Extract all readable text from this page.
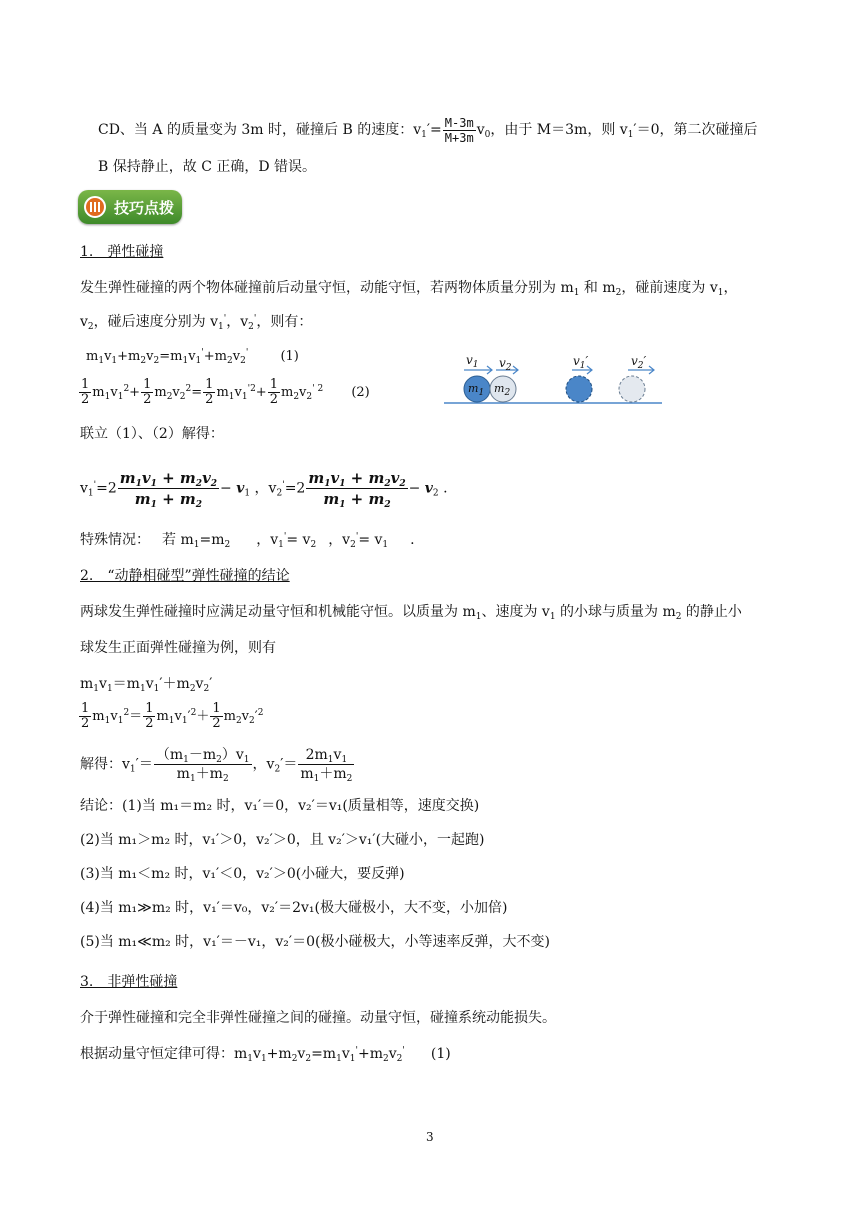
CD、当 A 的质量变为 3m 时，碰撞后 B 的速度：$v_1'= \frac{M-3m}{M+3m} v_0$，由于 M＝3m，则 $v_1'=0$，第二次碰撞后
B 保持静止，故 C 正确，D 错误。
技巧点拨
1.　弹性碰撞
发生弹性碰撞的两个物体碰撞前后动量守恒，动能守恒，若两物体质量分别为 $m_1$ 和 $m_2$，碰前速度为 $v_1$，
$v_2$，碰后速度分别为 $v_1'$，$v_2'$，则有：
$m_1v_1+m_2v_2=m_1v_1'+m_2v_2'$ (1)
$\frac{1}{2} m_1v_1^2+ \frac{1}{2} m_2v_2^2= \frac{1}{2} m_1v_1^{'2}+ \frac{1}{2} m_2v_2^{' 2}$ (2)
$v_1$ $v_2$
$m_1$ $m_2$
$v_1'$	$v_2'$
联立（1）、（2）解得：
$v_1'=2 \frac{m_1v_1 + m_2v_2}{m_1 + m_2} - v_1$ ，$v_2'=2 \frac{m_1v_1 + m_2v_2}{m_1 + m_2} - v_2$ .
特殊情况： 若 $m_1=m_2$ ，$v_1'= v_2$ ，$v_2'= v_1$ .
2.　“动静相碰型”弹性碰撞的结论
两球发生弹性碰撞时应满足动量守恒和机械能守恒。以质量为 $m_1$、速度为 $v_1$ 的小球与质量为 $m_2$ 的静止小
球发生正面弹性碰撞为例，则有
$m_1v_1=m_1v_1'+m_2v_2'$
$\frac{1}{2} m_1v_1^2= \frac{1}{2} m_1v_1'^2+ \frac{1}{2} m_2v_2'^2$
解得：$v_1'= \frac{(m_1-m_2)v_1}{m_1+m_2}$ ，$v_2'= \frac{2m_1v_1}{m_1+m_2}$
结论：(1)当 m₁＝m₂ 时，v₁′＝0，v₂′＝v₁(质量相等，速度交换)
(2)当 m₁＞m₂ 时，v₁′＞0，v₂′＞0，且 v₂′＞v₁′(大碰小，一起跑)
(3)当 m₁＜m₂ 时，v₁′＜0，v₂′＞0(小碰大，要反弹)
(4)当 m₁≫m₂ 时，v₁′＝v₀，v₂′＝2v₁(极大碰极小，大不变，小加倍)
(5)当 m₁≪m₂ 时，v₁′＝－v₁，v₂′＝0(极小碰极大，小等速率反弹，大不变)
3.　非弹性碰撞
介于弹性碰撞和完全非弹性碰撞之间的碰撞。动量守恒，碰撞系统动能损失。
根据动量守恒定律可得：$m_1v_1+m_2v_2=m_1v_1'+m_2v_2'$ (1)
3
